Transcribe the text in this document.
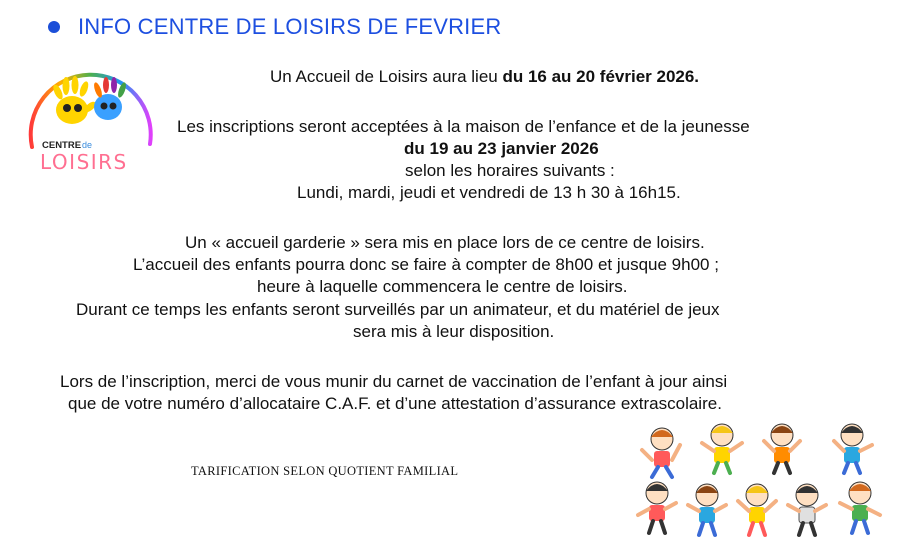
INFO CENTRE DE LOISIRS DE FEVRIER
CENTRE de
LOISIRS
Un Accueil de Loisirs aura lieu du 16 au 20 février 2026.
Les inscriptions seront acceptées à la maison de l’enfance et de la jeunesse
du 19 au 23 janvier 2026
selon les horaires suivants :
Lundi, mardi, jeudi et vendredi de 13 h 30 à 16h15.
Un « accueil garderie » sera mis en place lors de ce centre de loisirs.
L’accueil des enfants pourra donc se faire à compter de 8h00 et jusque 9h00 ;
heure à laquelle commencera le centre de loisirs.
Durant ce temps les enfants seront surveillés par un animateur, et du matériel de jeux
sera mis à leur disposition.
Lors de l’inscription, merci de vous munir du carnet de vaccination de l’enfant à jour ainsi
que de votre numéro d’allocataire C.A.F. et d’une attestation d’assurance extrascolaire.
TARIFICATION SELON QUOTIENT FAMILIAL
